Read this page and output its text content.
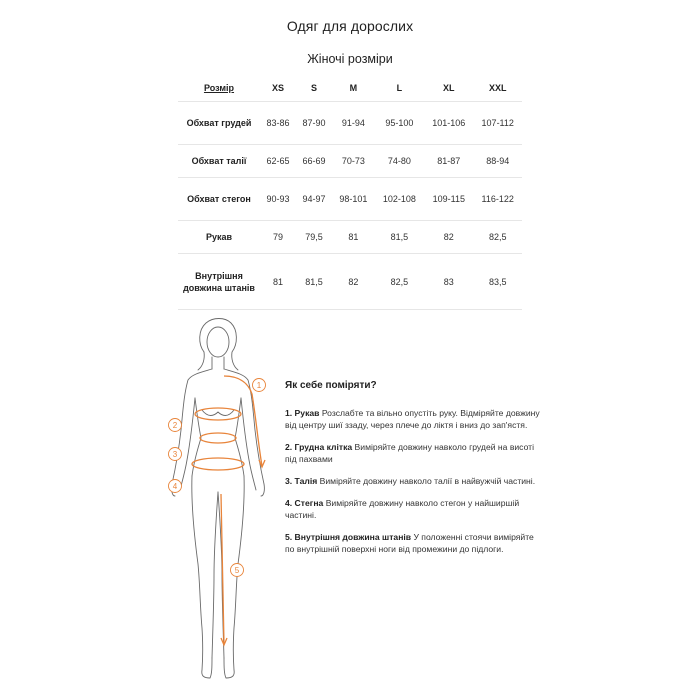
Одяг для дорослих
Жіночі розміри
Розмір	XS	S	M	L	XL	XXL
Обхват грудей	83-86	87-90	91-94	95-100	101-106	107-112
Обхват талії	62-65	66-69	70-73	74-80	81-87	88-94
Обхват стегон	90-93	94-97	98-101	102-108	109-115	116-122
Рукав	79	79,5	81	81,5	82	82,5
Внутрішня довжина штанів	81	81,5	82	82,5	83	83,5
1
2
3
4
5
Як себе поміряти?
1. Рукав Розслабте та вільно опустіть руку. Відміряйте довжину від центру шиї ззаду, через плече до ліктя і вниз до зап'ястя.
2. Грудна клітка Виміряйте довжину навколо грудей на висоті під пахвами
3. Талія Виміряйте довжину навколо талії в найвужчій частині.
4. Стегна Виміряйте довжину навколо стегон у найширшій частині.
5. Внутрішня довжина штанів У положенні стоячи виміряйте по внутрішній поверхні ноги від промежини до підлоги.
